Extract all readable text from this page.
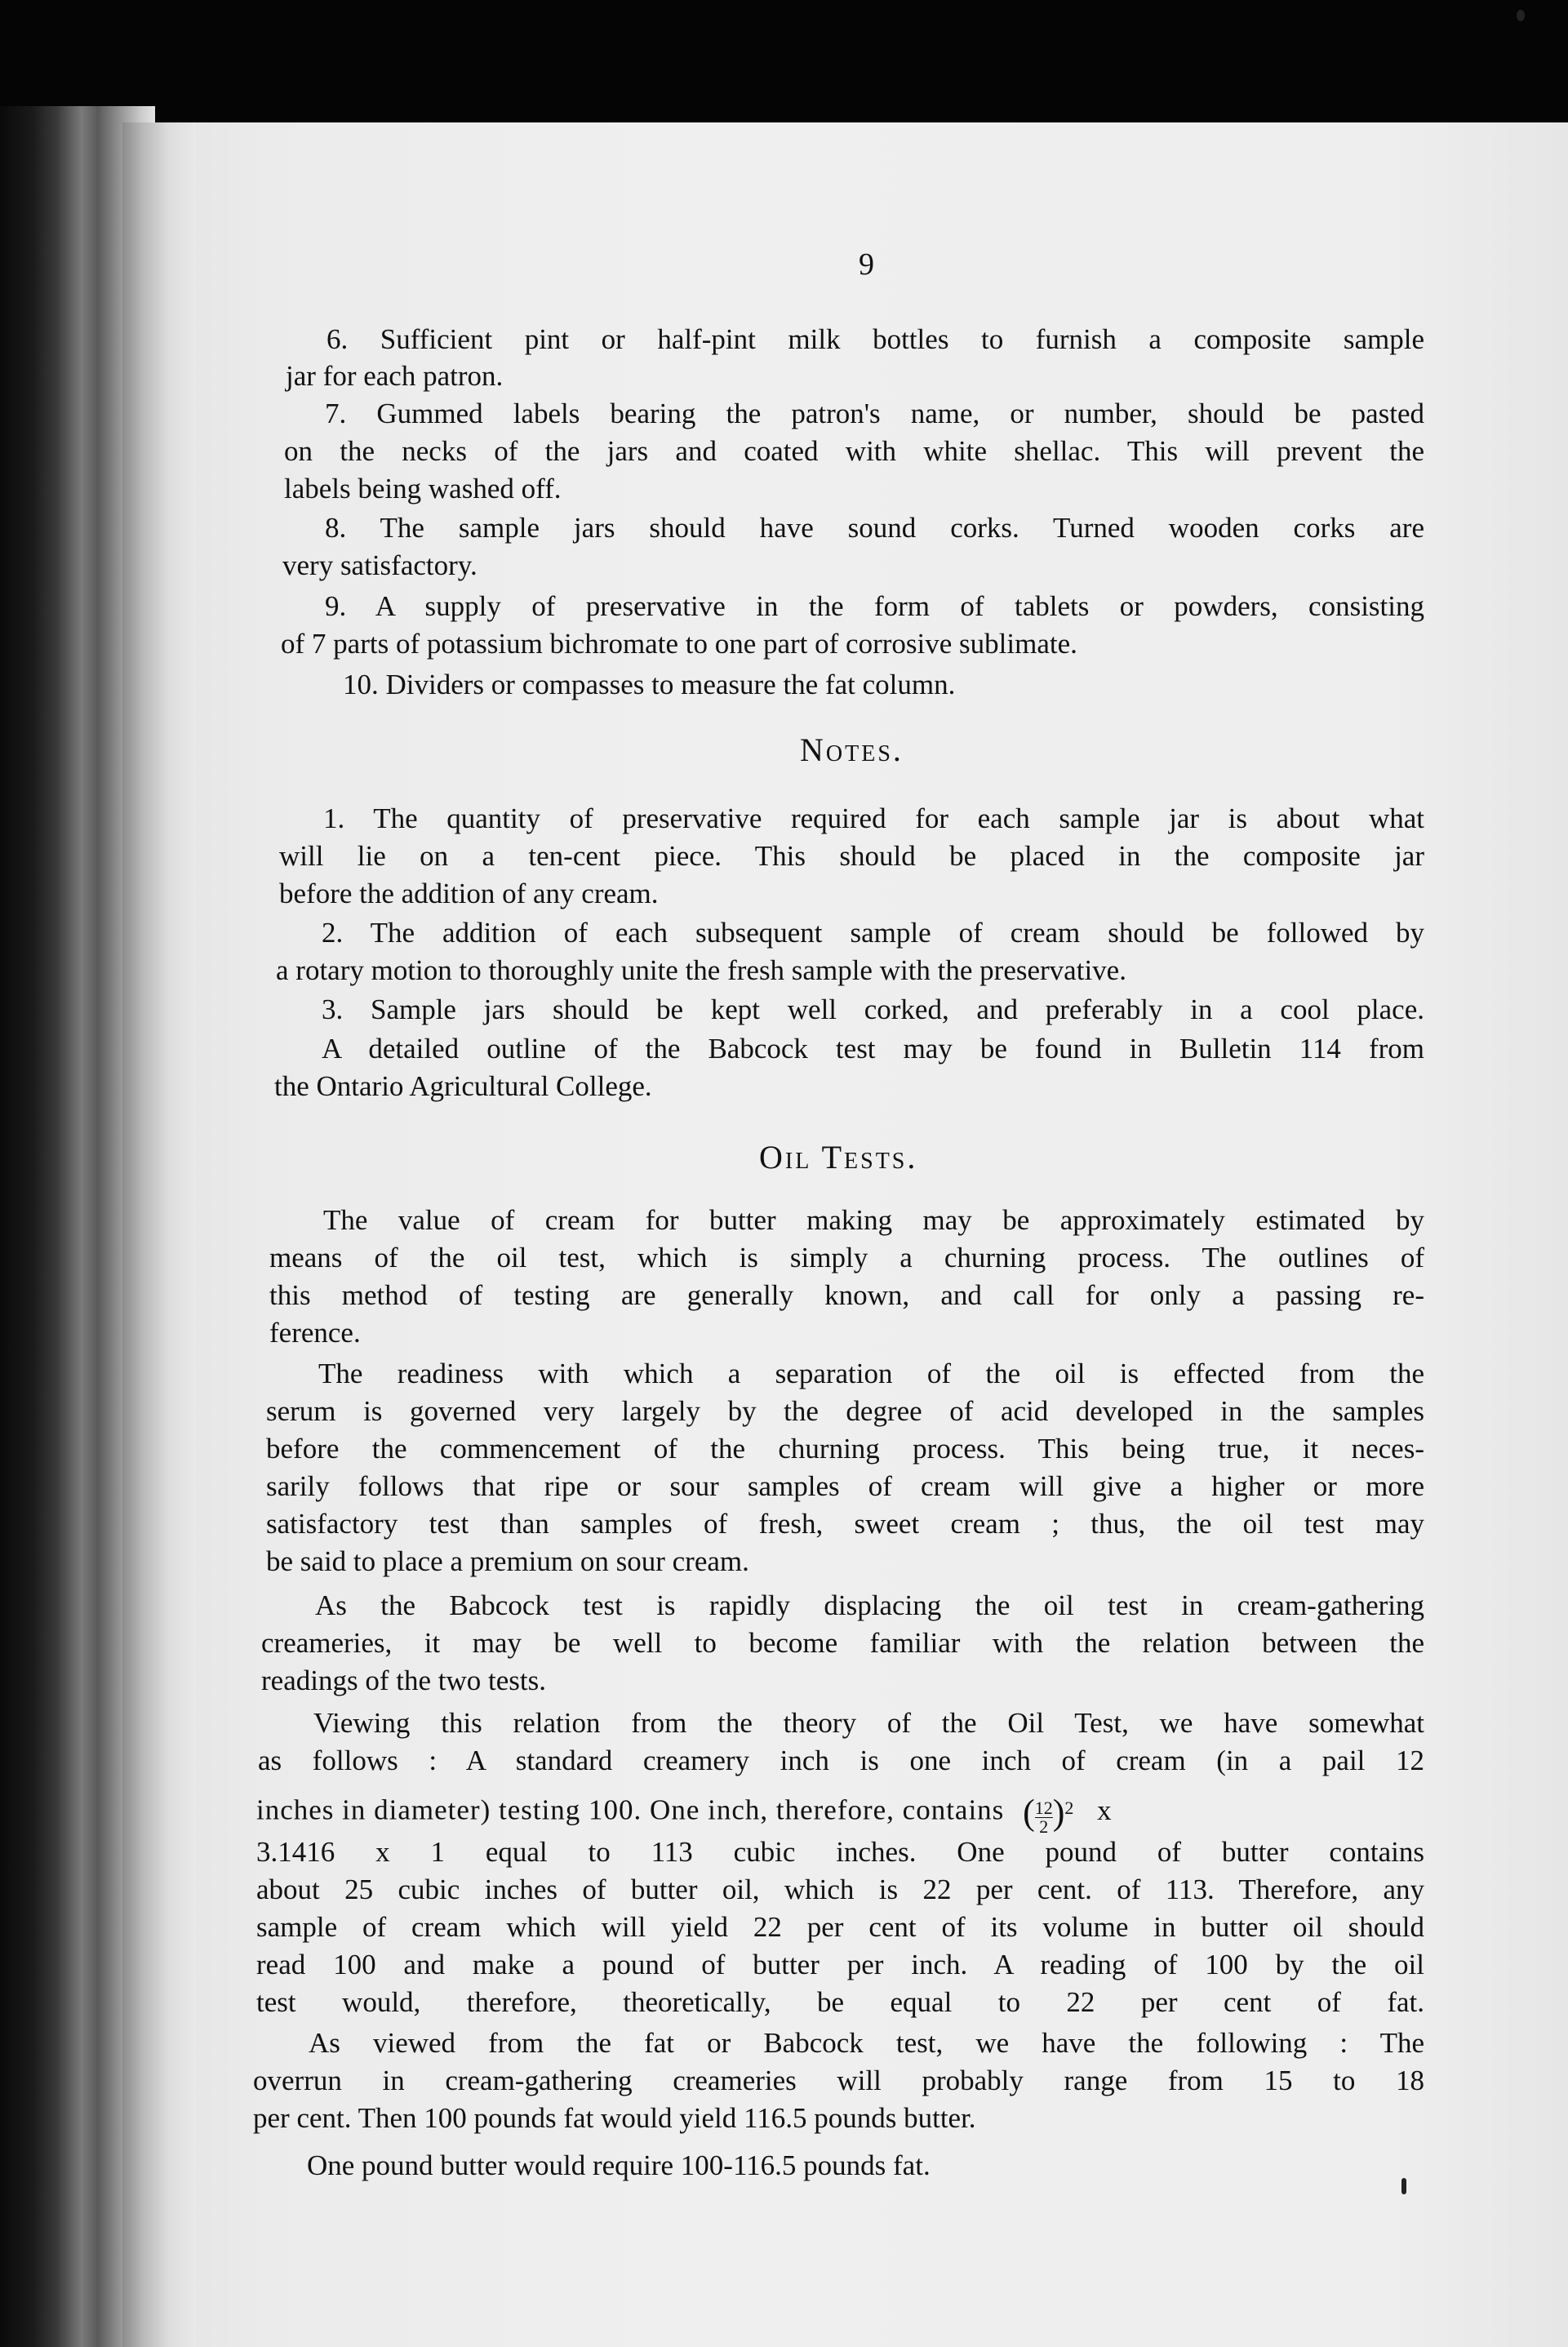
9
6. Sufficient pint or half-pint milk bottles to furnish a composite sample
jar for each patron.
7. Gummed labels bearing the patron's name, or number, should be pasted
on the necks of the jars and coated with white shellac. This will prevent the
labels being washed off.
8. The sample jars should have sound corks. Turned wooden corks are
very satisfactory.
9. A supply of preservative in the form of tablets or powders, consisting
of 7 parts of potassium bichromate to one part of corrosive sublimate.
10. Dividers or compasses to measure the fat column.
Notes.
1. The quantity of preservative required for each sample jar is about what
will lie on a ten-cent piece. This should be placed in the composite jar
before the addition of any cream.
2. The addition of each subsequent sample of cream should be followed by
a rotary motion to thoroughly unite the fresh sample with the preservative.
3. Sample jars should be kept well corked, and preferably in a cool place.
A detailed outline of the Babcock test may be found in Bulletin 114 from
the Ontario Agricultural College.
Oil Tests.
The value of cream for butter making may be approximately estimated by
means of the oil test, which is simply a churning process. The outlines of
this method of testing are generally known, and call for only a passing re-
ference.
The readiness with which a separation of the oil is effected from the
serum is governed very largely by the degree of acid developed in the samples
before the commencement of the churning process. This being true, it neces-
sarily follows that ripe or sour samples of cream will give a higher or more
satisfactory test than samples of fresh, sweet cream ; thus, the oil test may
be said to place a premium on sour cream.
As the Babcock test is rapidly displacing the oil test in cream-gathering
creameries, it may be well to become familiar with the relation between the
readings of the two tests.
Viewing this relation from the theory of the Oil Test, we have somewhat
as follows : A standard creamery inch is one inch of cream (in a pail 12
inches in diameter) testing 100. One inch, therefore, contains ( $\frac{12}{2} )^2$ x
3.1416 x 1 equal to 113 cubic inches. One pound of butter contains
about 25 cubic inches of butter oil, which is 22 per cent. of 113. Therefore, any
sample of cream which will yield 22 per cent of its volume in butter oil should
read 100 and make a pound of butter per inch. A reading of 100 by the oil
test would, therefore, theoretically, be equal to 22 per cent of fat.
As viewed from the fat or Babcock test, we have the following : The
overrun in cream-gathering creameries will probably range from 15 to 18
per cent. Then 100 pounds fat would yield 116.5 pounds butter.
One pound butter would require 100-116.5 pounds fat.
